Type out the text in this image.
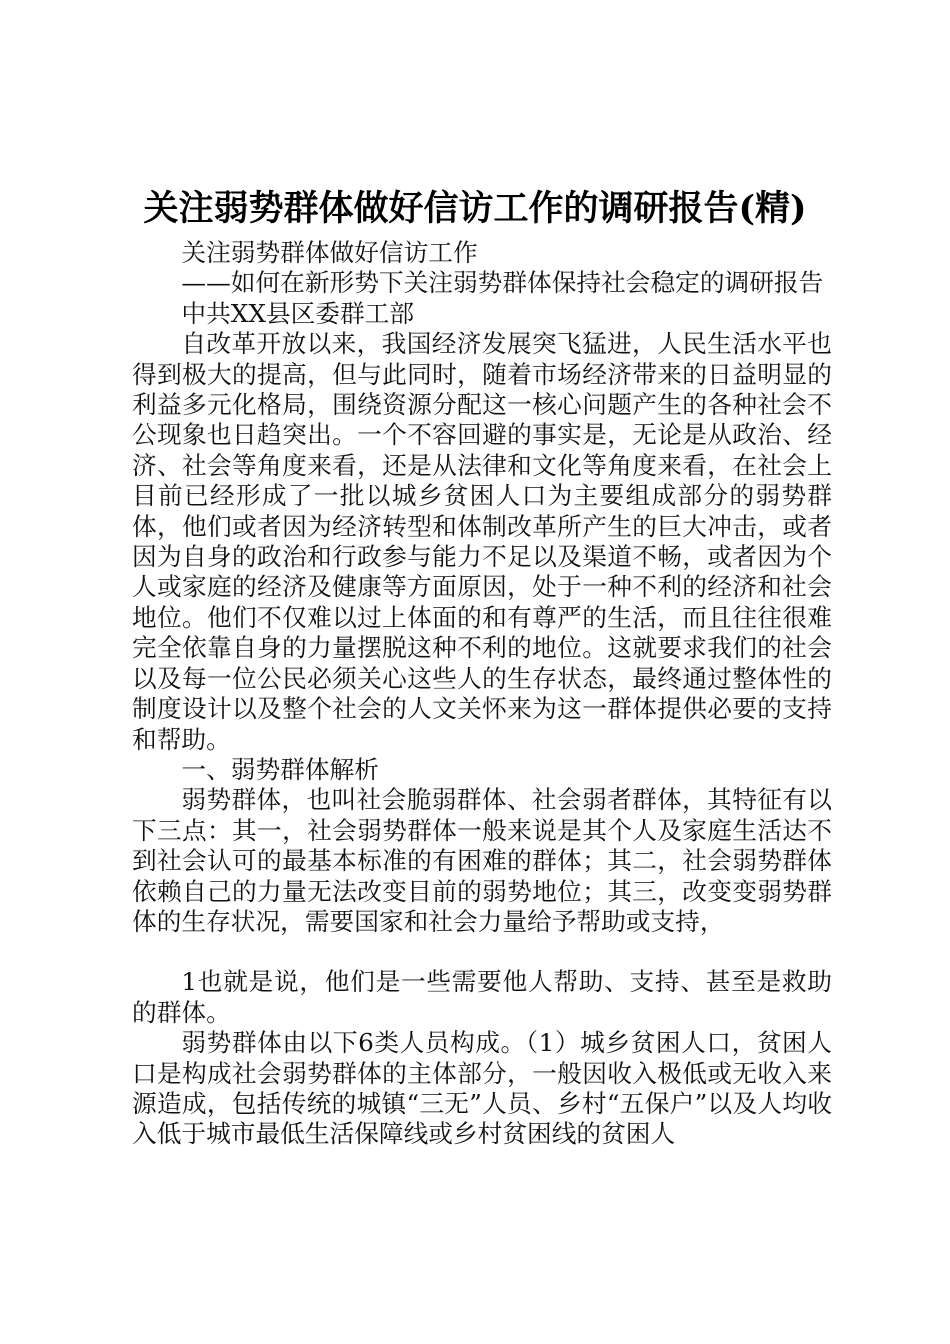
关注弱势群体做好信访工作的调研报告(精)

关注弱势群体做好信访工作

——如何在新形势下关注弱势群体保持社会稳定的调研报告

中共XX县区委群工部

自改革开放以来，我国经济发展突飞猛进，人民生活水平也得到极大的提高，但与此同时，随着市场经济带来的日益明显的利益多元化格局，围绕资源分配这一核心问题产生的各种社会不公现象也日趋突出。一个不容回避的事实是，无论是从政治、经济、社会等角度来看，还是从法律和文化等角度来看，在社会上目前已经形成了一批以城乡贫困人口为主要组成部分的弱势群体，他们或者因为经济转型和体制改革所产生的巨大冲击，或者因为自身的政治和行政参与能力不足以及渠道不畅，或者因为个人或家庭的经济及健康等方面原因，处于一种不利的经济和社会地位。他们不仅难以过上体面的和有尊严的生活，而且往往很难完全依靠自身的力量摆脱这种不利的地位。这就要求我们的社会以及每一位公民必须关心这些人的生存状态，最终通过整体性的制度设计以及整个社会的人文关怀来为这一群体提供必要的支持和帮助。

一、弱势群体解析

弱势群体，也叫社会脆弱群体、社会弱者群体，其特征有以下三点：其一，社会弱势群体一般来说是其个人及家庭生活达不到社会认可的最基本标准的有困难的群体；其二，社会弱势群体依赖自己的力量无法改变目前的弱势地位；其三，改变变弱势群体的生存状况，需要国家和社会力量给予帮助或支持，

1也就是说，他们是一些需要他人帮助、支持、甚至是救助的群体。

弱势群体由以下6类人员构成。（1）城乡贫困人口，贫困人口是构成社会弱势群体的主体部分，一般因收入极低或无收入来源造成，包括传统的城镇“三无”人员、乡村“五保户”以及人均收入低于城市最低生活保障线或乡村贫困线的贫困人
